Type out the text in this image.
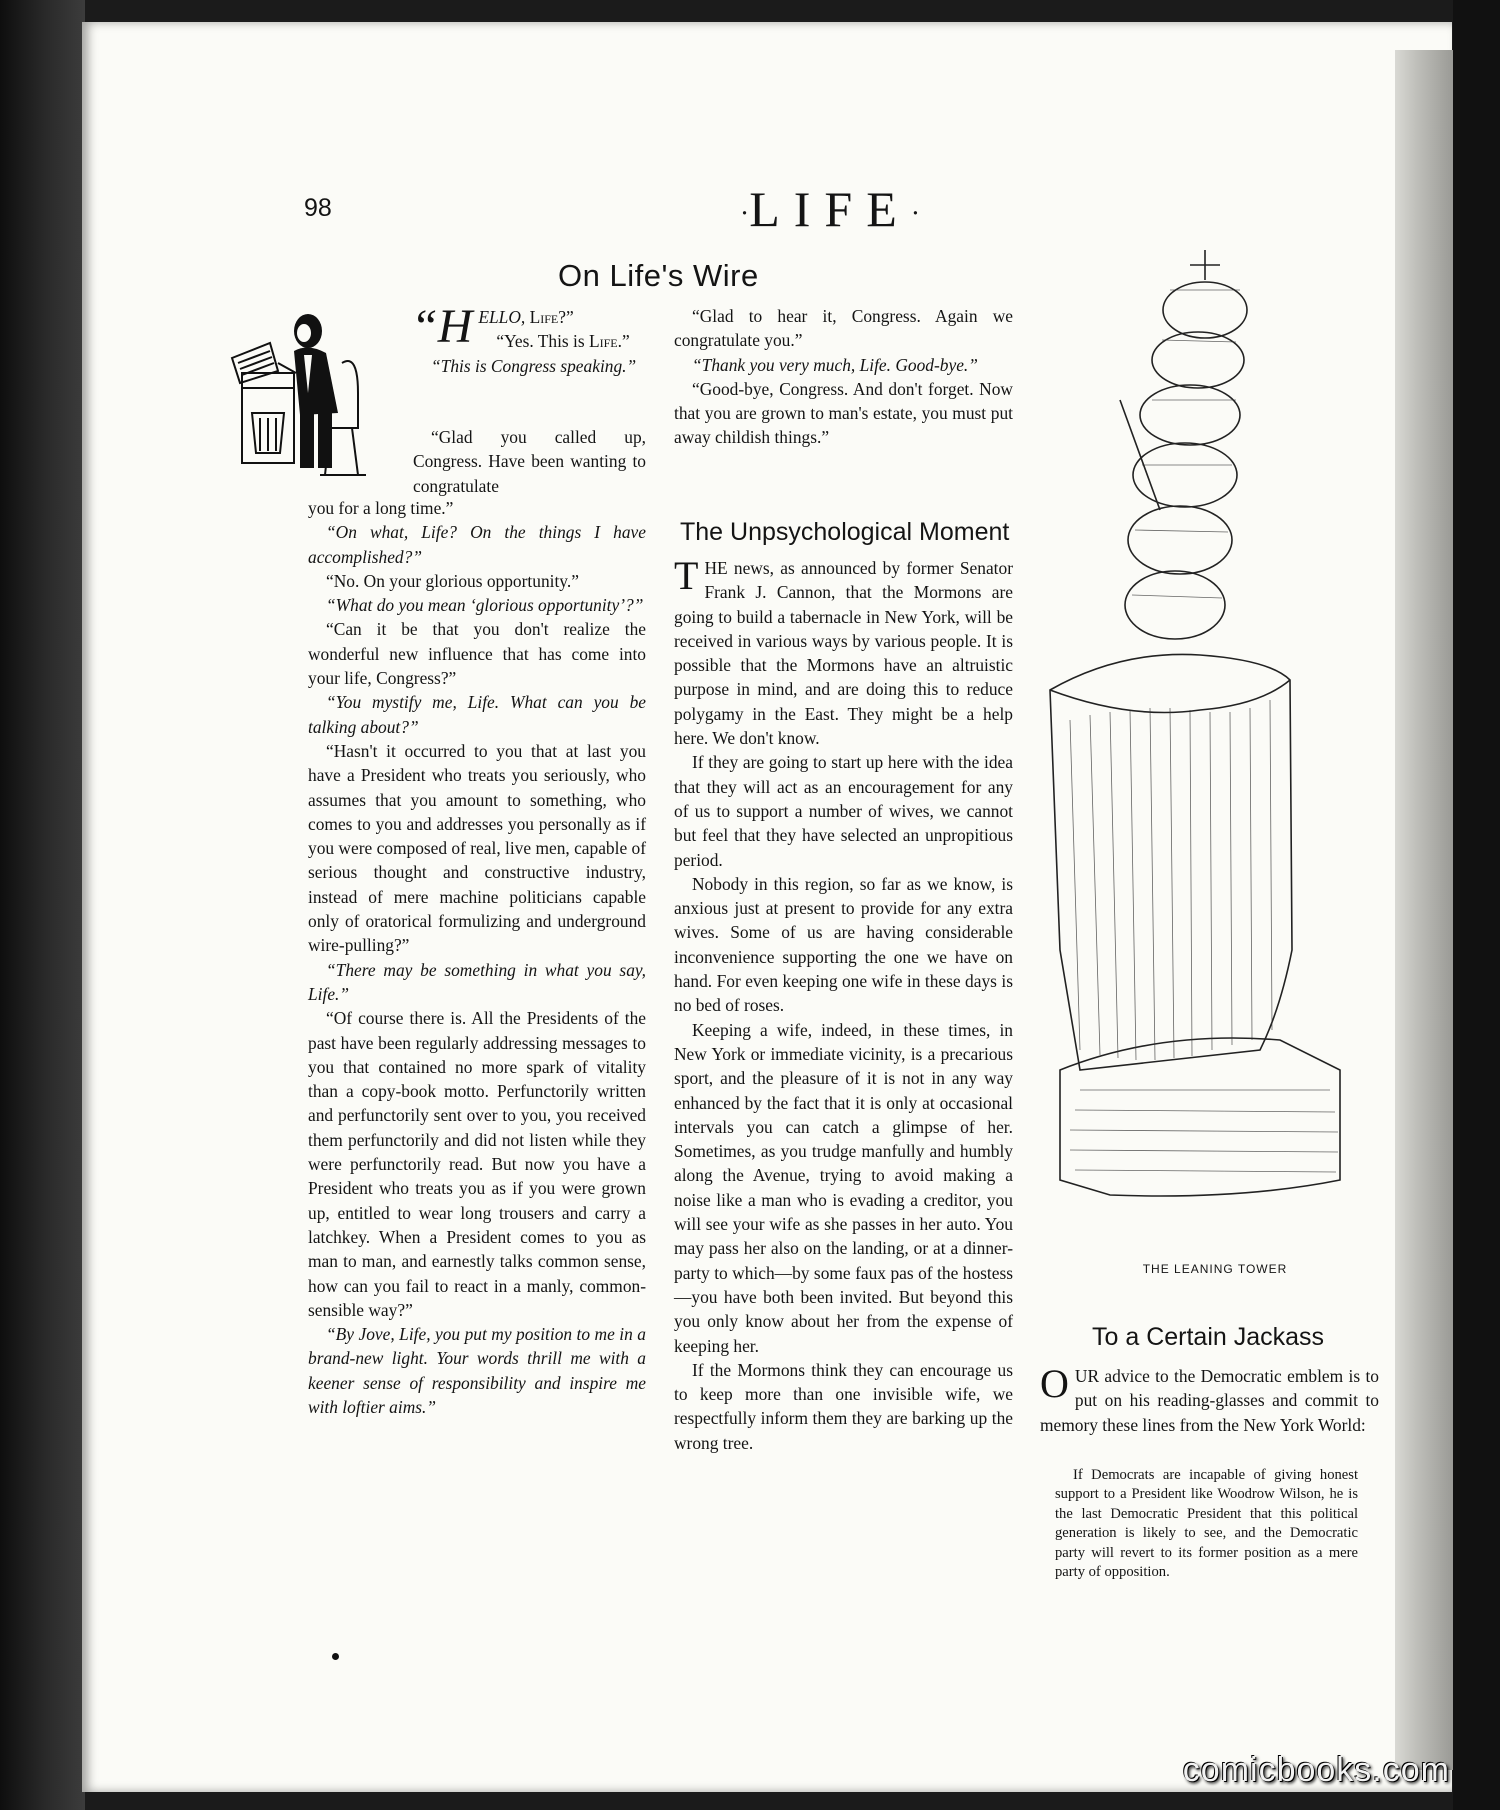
98	·LIFE·
On Life's Wire

“HELLO, Life?”

“Yes. This is Life.”

“This is Congress speaking.”

“Glad you called up, Congress. Have been wanting to congratulate

you for a long time.”

“On what, Life? On the things I have accomplished?”

“No. On your glorious opportunity.”

“What do you mean ‘glorious opportunity’?”

“Can it be that you don't realize the wonderful new influence that has come into your life, Congress?”

“You mystify me, Life. What can you be talking about?”

“Hasn't it occurred to you that at last you have a President who treats you seriously, who assumes that you amount to something, who comes to you and addresses you personally as if you were composed of real, live men, capable of serious thought and constructive industry, instead of mere machine politicians capable only of oratorical formulizing and underground wire-pulling?”

“There may be something in what you say, Life.”

“Of course there is. All the Presidents of the past have been regularly addressing messages to you that contained no more spark of vitality than a copy-book motto. Perfunctorily written and perfunctorily sent over to you, you received them perfunctorily and did not listen while they were perfunctorily read. But now you have a President who treats you as if you were grown up, entitled to wear long trousers and carry a latchkey. When a President comes to you as man to man, and earnestly talks common sense, how can you fail to react in a manly, common-sensible way?”

“By Jove, Life, you put my position to me in a brand-new light. Your words thrill me with a keener sense of responsibility and inspire me with loftier aims.”

“Glad to hear it, Congress. Again we congratulate you.”

“Thank you very much, Life. Good-bye.”

“Good-bye, Congress. And don't forget. Now that you are grown to man's estate, you must put away childish things.”

The Unpsychological Moment

THE news, as announced by former Senator Frank J. Cannon, that the Mormons are going to build a tabernacle in New York, will be received in various ways by various people. It is possible that the Mormons have an altruistic purpose in mind, and are doing this to reduce polygamy in the East. They might be a help here. We don't know.

If they are going to start up here with the idea that they will act as an encouragement for any of us to support a number of wives, we cannot but feel that they have selected an unpropitious period.

Nobody in this region, so far as we know, is anxious just at present to provide for any extra wives. Some of us are having considerable inconvenience supporting the one we have on hand. For even keeping one wife in these days is no bed of roses.

Keeping a wife, indeed, in these times, in New York or immediate vicinity, is a precarious sport, and the pleasure of it is not in any way enhanced by the fact that it is only at occasional intervals you can catch a glimpse of her. Sometimes, as you trudge manfully and humbly along the Avenue, trying to avoid making a noise like a man who is evading a creditor, you will see your wife as she passes in her auto. You may pass her also on the landing, or at a dinner-party to which—by some faux pas of the hostess—you have both been invited. But beyond this you only know about her from the expense of keeping her.

If the Mormons think they can encourage us to keep more than one invisible wife, we respectfully inform them they are barking up the wrong tree.

THE LEANING TOWER
To a Certain Jackass

OUR advice to the Democratic emblem is to put on his reading-glasses and commit to memory these lines from the New York World:

If Democrats are incapable of giving honest support to a President like Woodrow Wilson, he is the last Democratic President that this political generation is likely to see, and the Democratic party will revert to its former position as a mere party of opposition.

comicbooks.com
